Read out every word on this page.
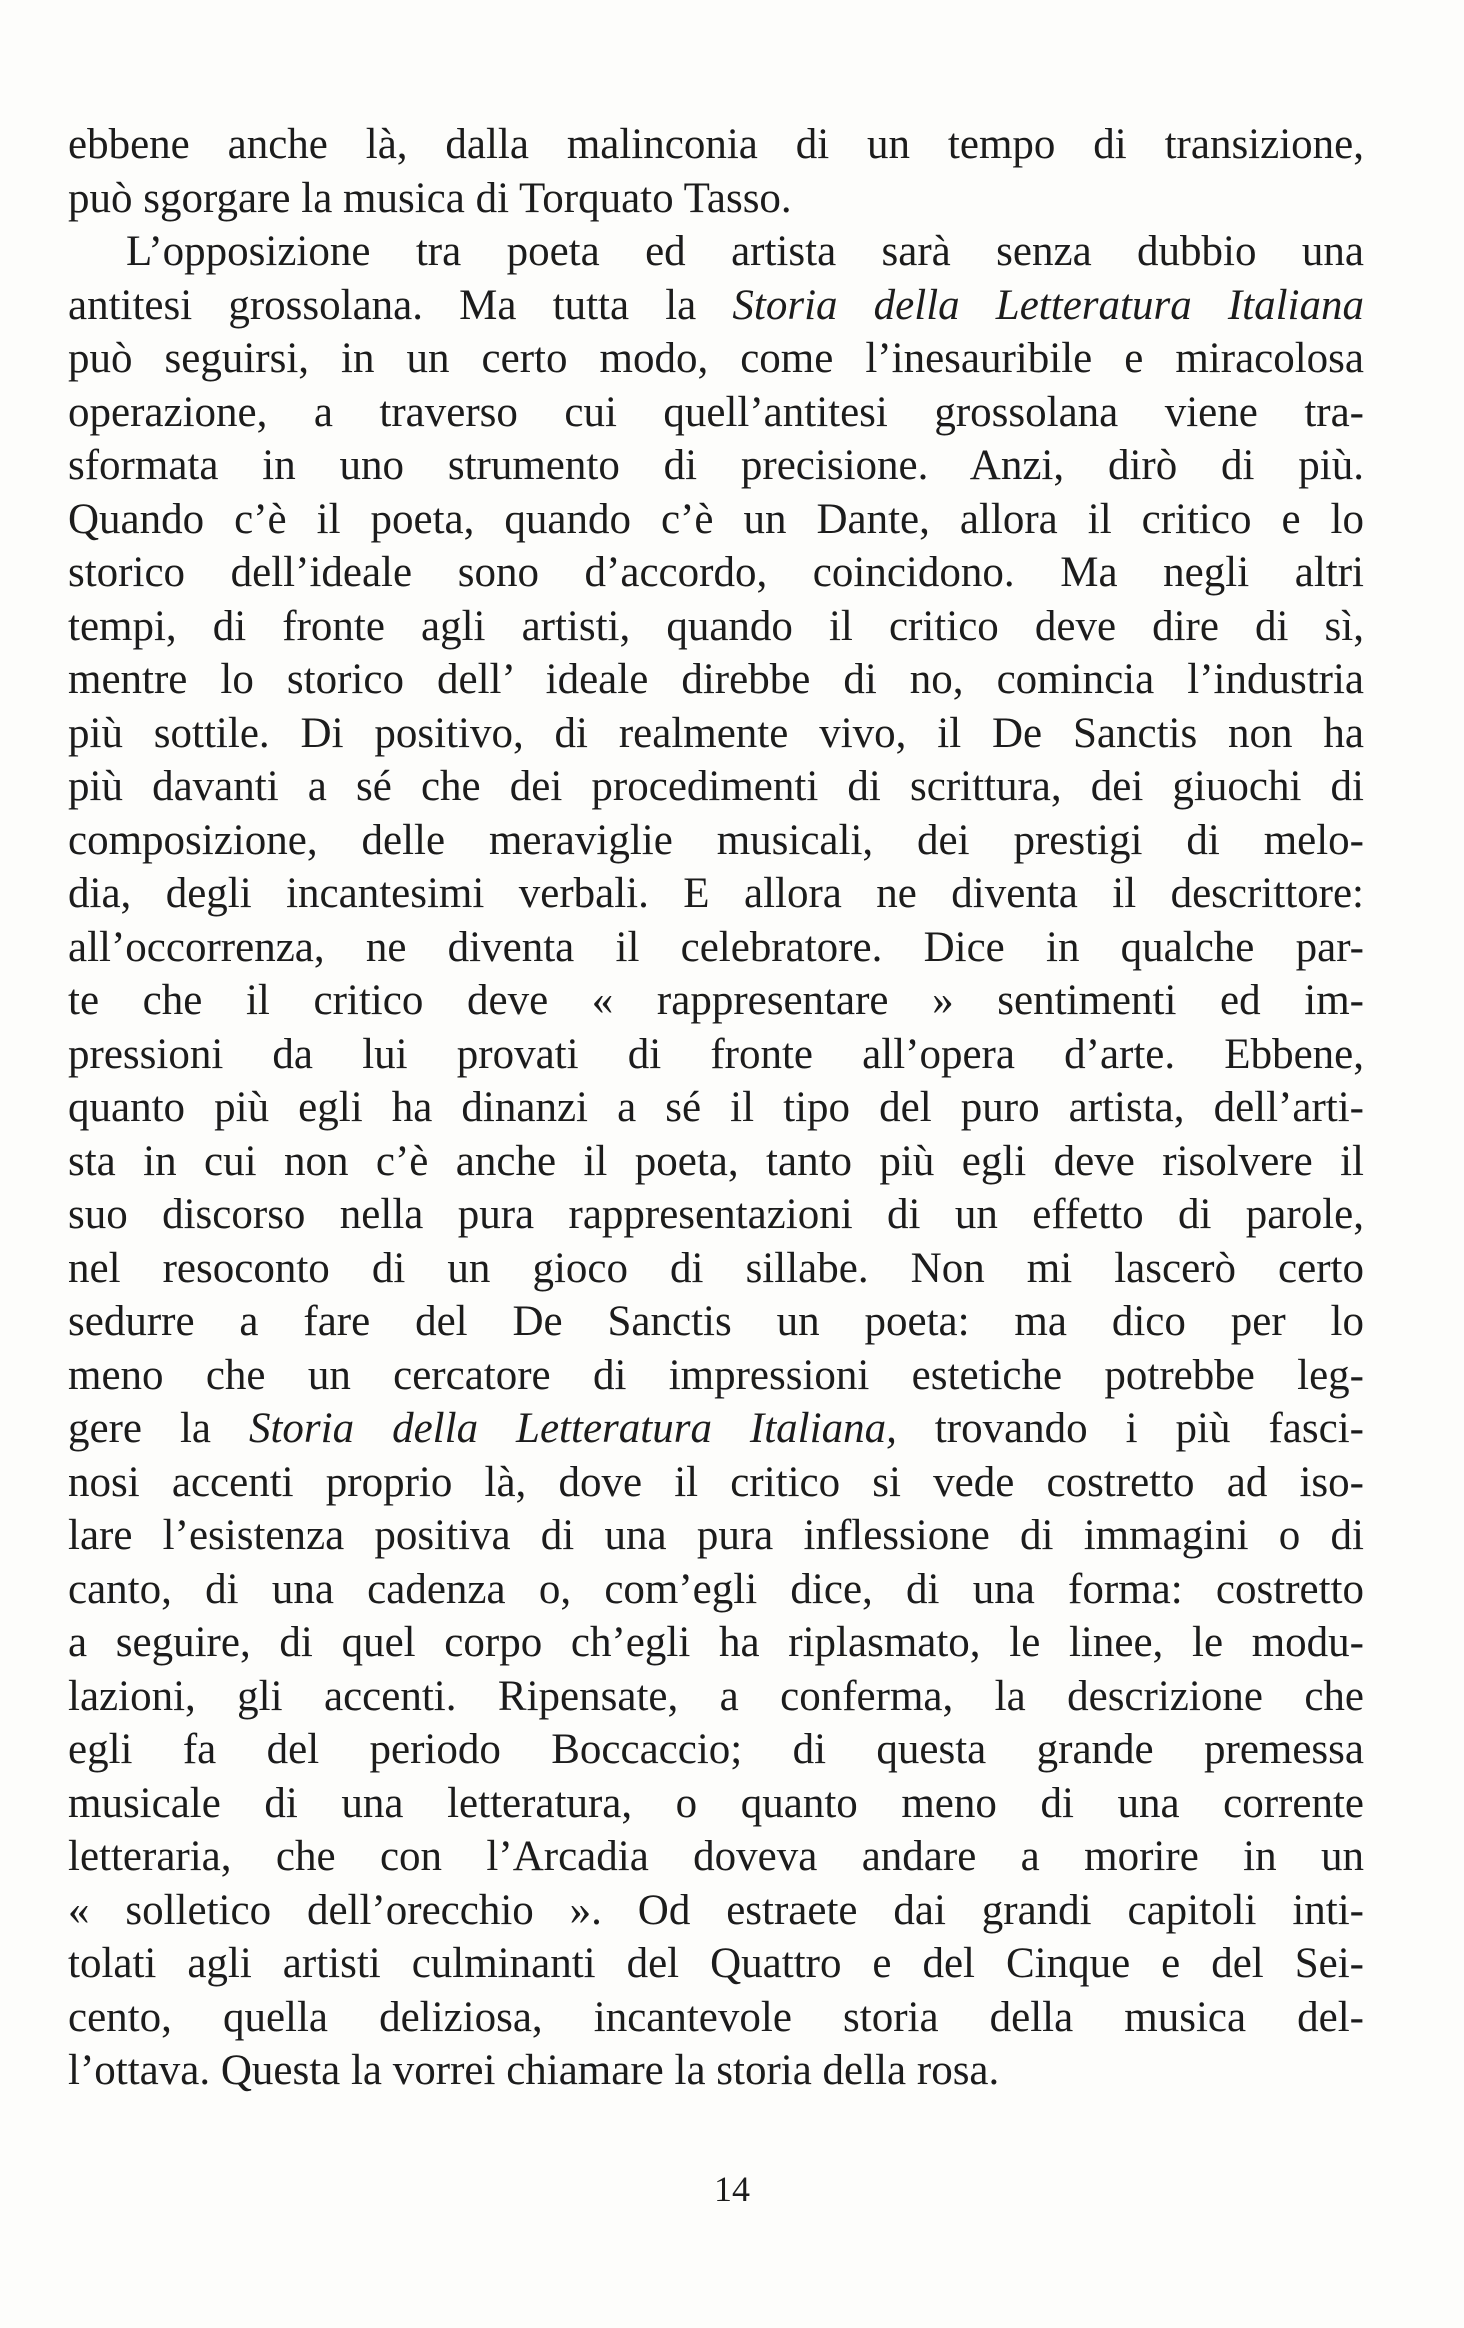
ebbene anche là, dalla malinconia di un tempo di transizione,
può sgorgare la musica di Torquato Tasso.
L’opposizione tra poeta ed artista sarà senza dubbio una
antitesi grossolana. Ma tutta la Storia della Letteratura Italiana
può seguirsi, in un certo modo, come l’inesauribile e miracolosa
operazione, a traverso cui quell’antitesi grossolana viene tra-
sformata in uno strumento di precisione. Anzi, dirò di più.
Quando c’è il poeta, quando c’è un Dante, allora il critico e lo
storico dell’ideale sono d’accordo, coincidono. Ma negli altri
tempi, di fronte agli artisti, quando il critico deve dire di sì,
mentre lo storico dell’ ideale direbbe di no, comincia l’industria
più sottile. Di positivo, di realmente vivo, il De Sanctis non ha
più davanti a sé che dei procedimenti di scrittura, dei giuochi di
composizione, delle meraviglie musicali, dei prestigi di melo-
dia, degli incantesimi verbali. E allora ne diventa il descrittore:
all’occorrenza, ne diventa il celebratore. Dice in qualche par-
te che il critico deve « rappresentare » sentimenti ed im-
pressioni da lui provati di fronte all’opera d’arte. Ebbene,
quanto più egli ha dinanzi a sé il tipo del puro artista, dell’arti-
sta in cui non c’è anche il poeta, tanto più egli deve risolvere il
suo discorso nella pura rappresentazioni di un effetto di parole,
nel resoconto di un gioco di sillabe. Non mi lascerò certo
sedurre a fare del De Sanctis un poeta: ma dico per lo
meno che un cercatore di impressioni estetiche potrebbe leg-
gere la Storia della Letteratura Italiana, trovando i più fasci-
nosi accenti proprio là, dove il critico si vede costretto ad iso-
lare l’esistenza positiva di una pura inflessione di immagini o di
canto, di una cadenza o, com’egli dice, di una forma: costretto
a seguire, di quel corpo ch’egli ha riplasmato, le linee, le modu-
lazioni, gli accenti. Ripensate, a conferma, la descrizione che
egli fa del periodo Boccaccio; di questa grande premessa
musicale di una letteratura, o quanto meno di una corrente
letteraria, che con l’Arcadia doveva andare a morire in un
« solletico dell’orecchio ». Od estraete dai grandi capitoli inti-
tolati agli artisti culminanti del Quattro e del Cinque e del Sei-
cento, quella deliziosa, incantevole storia della musica del-
l’ottava. Questa la vorrei chiamare la storia della rosa.
14
